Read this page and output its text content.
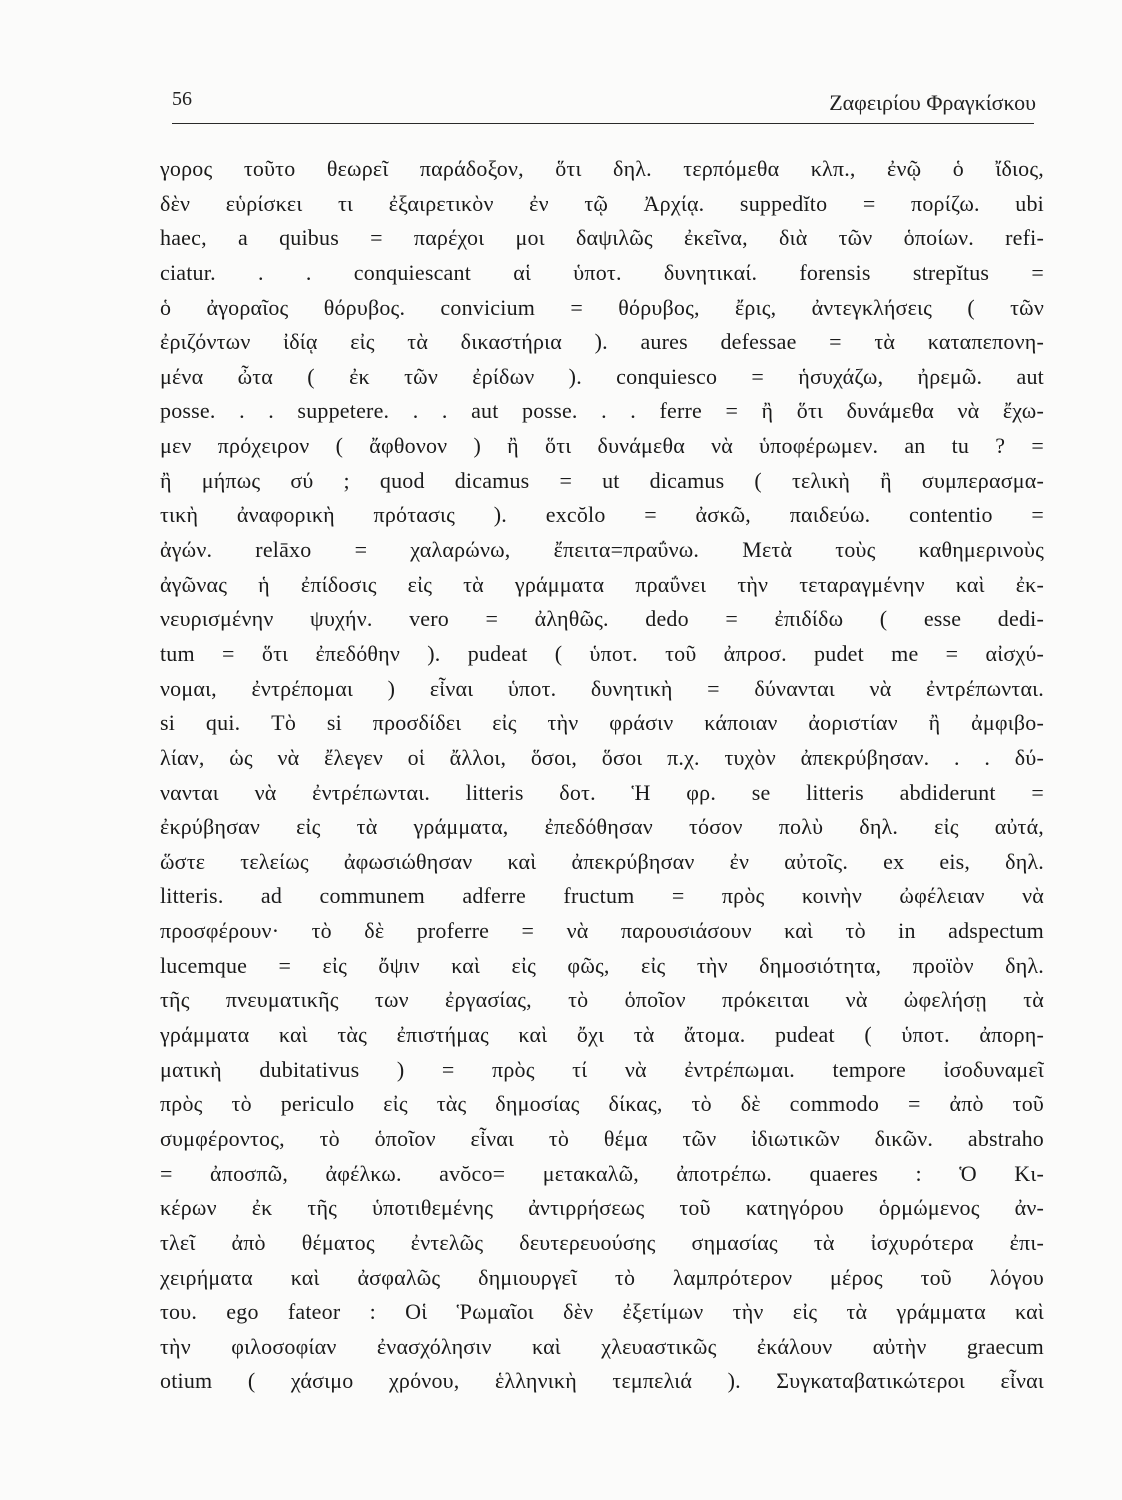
56	Ζαφειρίου Φραγκίσκου
γορος τοῦτο θεωρεῖ παράδοξον, ὅτι δηλ. τερπόμεθα κλπ., ἐνῷ ὁ ἴδιος,
δὲν εὑρίσκει τι ἐξαιρετικὸν ἐν τῷ Ἀρχίᾳ. suppedĭto = πορίζω. ubi
haec, a quibus = παρέχοι μοι δαψιλῶς ἐκεῖνα, διὰ τῶν ὁποίων. refi-
ciatur. . . conquiescant αἱ ὑποτ. δυνητικαί. forensis strepĭtus =
ὁ ἀγοραῖος θόρυβος. convicium = θόρυβος, ἔρις, ἀντεγκλήσεις ( τῶν
ἐριζόντων ἰδίᾳ εἰς τὰ δικαστήρια ). aures defessae = τὰ καταπεπονη-
μένα ὦτα ( ἐκ τῶν ἐρίδων ). conquiesco = ἡσυχάζω, ἠρεμῶ. aut
posse. . . suppetere. . . aut posse. . . ferre = ἢ ὅτι δυνάμεθα νὰ ἔχω-
μεν πρόχειρον ( ἄφθονον ) ἢ ὅτι δυνάμεθα νὰ ὑποφέρωμεν. an tu ? =
ἢ μήπως σύ ; quod dicamus = ut dicamus ( τελικὴ ἢ συμπερασμα-
τικὴ ἀναφορικὴ πρότασις ). excŏlo = ἀσκῶ, παιδεύω. contentio =
ἀγών. relāxo = χαλαρώνω, ἔπειτα=πραΰνω. Μετὰ τοὺς καθημερινοὺς
ἀγῶνας ἡ ἐπίδοσις εἰς τὰ γράμματα πραΰνει τὴν τεταραγμένην καὶ ἐκ-
νευρισμένην ψυχήν. vero = ἀληθῶς. dedo = ἐπιδίδω ( esse dedi-
tum = ὅτι ἐπεδόθην ). pudeat ( ὑποτ. τοῦ ἀπροσ. pudet me = αἰσχύ-
νομαι, ἐντρέπομαι ) εἶναι ὑποτ. δυνητικὴ = δύνανται νὰ ἐντρέπωνται.
si qui. Τὸ si προσδίδει εἰς τὴν φράσιν κάποιαν ἀοριστίαν ἢ ἀμφιβο-
λίαν, ὡς νὰ ἔλεγεν οἱ ἄλλοι, ὅσοι, ὅσοι π.χ. τυχὸν ἀπεκρύβησαν. . . δύ-
νανται νὰ ἐντρέπωνται. litteris δοτ. Ἡ φρ. se litteris abdiderunt =
ἐκρύβησαν εἰς τὰ γράμματα, ἐπεδόθησαν τόσον πολὺ δηλ. εἰς αὐτά,
ὥστε τελείως ἀφωσιώθησαν καὶ ἀπεκρύβησαν ἐν αὐτοῖς. ex eis, δηλ.
litteris. ad communem adferre fructum = πρὸς κοινὴν ὠφέλειαν νὰ
προσφέρουν· τὸ δὲ proferre = νὰ παρουσιάσουν καὶ τὸ in adspectum
lucemque = εἰς ὄψιν καὶ εἰς φῶς, εἰς τὴν δημοσιότητα, προϊὸν δηλ.
τῆς πνευματικῆς των ἐργασίας, τὸ ὁποῖον πρόκειται νὰ ὠφελήσῃ τὰ
γράμματα καὶ τὰς ἐπιστήμας καὶ ὄχι τὰ ἄτομα. pudeat ( ὑποτ. ἀπορη-
ματικὴ dubitativus ) = πρὸς τί νὰ ἐντρέπωμαι. tempore ἰσοδυναμεῖ
πρὸς τὸ periculo εἰς τὰς δημοσίας δίκας, τὸ δὲ commodo = ἀπὸ τοῦ
συμφέροντος, τὸ ὁποῖον εἶναι τὸ θέμα τῶν ἰδιωτικῶν δικῶν. abstraho
= ἀποσπῶ, ἀφέλκω. avŏco= μετακαλῶ, ἀποτρέπω. quaeres : Ὁ Κι-
κέρων ἐκ τῆς ὑποτιθεμένης ἀντιρρήσεως τοῦ κατηγόρου ὁρμώμενος ἀν-
τλεῖ ἀπὸ θέματος ἐντελῶς δευτερευούσης σημασίας τὰ ἰσχυρότερα ἐπι-
χειρήματα καὶ ἀσφαλῶς δημιουργεῖ τὸ λαμπρότερον μέρος τοῦ λόγου
του. ego fateor : Οἱ Ῥωμαῖοι δὲν ἐξετίμων τὴν εἰς τὰ γράμματα καὶ
τὴν φιλοσοφίαν ἐνασχόλησιν καὶ χλευαστικῶς ἐκάλουν αὐτὴν graecum
otium ( χάσιμο χρόνου, ἑλληνικὴ τεμπελιά ). Συγκαταβατικώτεροι εἶναι
